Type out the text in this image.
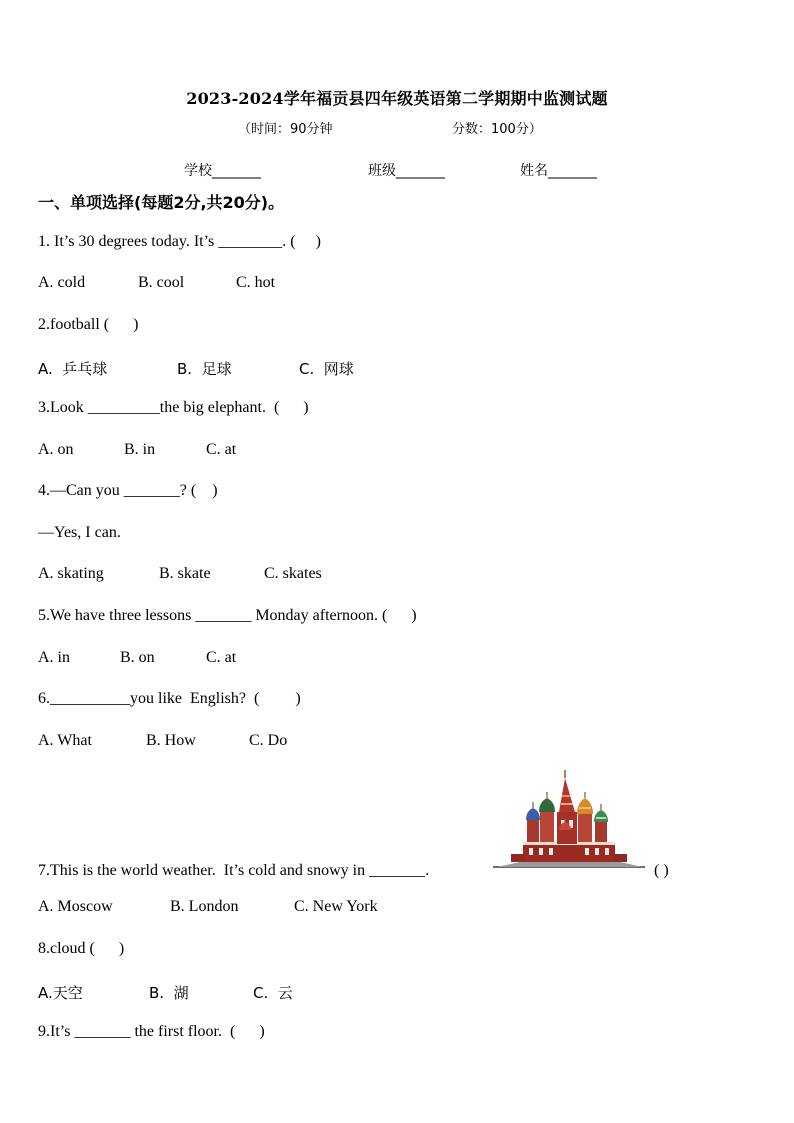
2023-2024学年福贡县四年级英语第二学期期中监测试题
（时间：90分钟	分数：100分）
学校_______	班级_______	姓名_______
一、单项选择(每题2分,共20分)。
1. It’s 30 degrees today. It’s ________. (     )
A. cold	B. cool	C. hot
2.football (      )
A.  乒乓球	B.  足球	C.  网球
3.Look _________the big elephant.  (      )
A. on	B. in	C. at
4.—Can you _______? (    )
—Yes, I can.
A. skating	B. skate	C. skates
5.We have three lessons _______ Monday afternoon. (      )
A. in	B. on	C. at
6.__________you like  English?  (         )
A. What	B. How	C. Do
7.This is the world weather.  It’s cold and snowy in _______.	( )
A. Moscow	B. London	C. New York
8.cloud (      )
A.天空	B.  湖	C.  云
9.It’s _______ the first floor.  (      )
